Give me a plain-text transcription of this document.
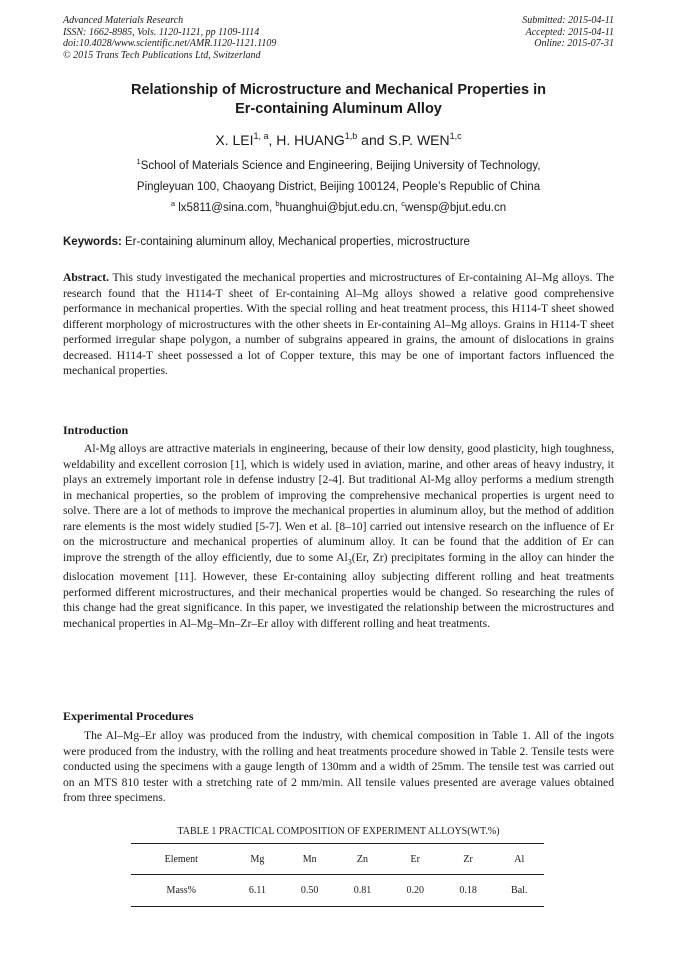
Advanced Materials Research
ISSN: 1662-8985, Vols. 1120-1121, pp 1109-1114
doi:10.4028/www.scientific.net/AMR.1120-1121.1109
© 2015 Trans Tech Publications Ltd, Switzerland
Submitted: 2015-04-11
Accepted: 2015-04-11
Online: 2015-07-31
Relationship of Microstructure and Mechanical Properties in
Er-containing Aluminum Alloy
X. LEI$^{1, a}$, H. HUANG$^{1,b}$ and S.P. WEN$^{1,c}$
$^1$School of Materials Science and Engineering, Beijing University of Technology,
Pingleyuan 100, Chaoyang District, Beijing 100124, People’s Republic of China
$^a$ lx5811@sina.com, $^b$huanghui@bjut.edu.cn, $^c$wensp@bjut.edu.cn
Keywords: Er-containing aluminum alloy, Mechanical properties, microstructure
Abstract. This study investigated the mechanical properties and microstructures of Er-containing Al–Mg alloys. The research found that the H114-T sheet of Er-containing Al–Mg alloys showed a relative good comprehensive performance in mechanical properties. With the special rolling and heat treatment process, this H114-T sheet showed different morphology of microstructures with the other sheets in Er-containing Al–Mg alloys. Grains in H114-T sheet performed irregular shape polygon, a number of subgrains appeared in grains, the amount of dislocations in grains decreased. H114-T sheet possessed a lot of Copper texture, this may be one of important factors influenced the mechanical properties.
Introduction
Al-Mg alloys are attractive materials in engineering, because of their low density, good plasticity, high toughness, weldability and excellent corrosion [1], which is widely used in aviation, marine, and other areas of heavy industry, it plays an extremely important role in defense industry [2-4]. But traditional Al-Mg alloy performs a medium strength in mechanical properties, so the problem of improving the comprehensive mechanical properties is urgent need to solve. There are a lot of methods to improve the mechanical properties in aluminum alloy, but the method of addition rare elements is the most widely studied [5-7]. Wen et al. [8–10] carried out intensive research on the influence of Er on the microstructure and mechanical properties of aluminum alloy. It can be found that the addition of Er can improve the strength of the alloy efficiently, due to some $Al_3(Er$, Zr) precipitates forming in the alloy can hinder the dislocation movement [11]. However, these Er-containing alloy subjecting different rolling and heat treatments performed different microstructures, and their mechanical properties would be changed. So researching the rules of this change had the great significance. In this paper, we investigated the relationship between the microstructures and mechanical properties in Al–Mg–Mn–Zr–Er alloy with different rolling and heat treatments.
Experimental Procedures
The Al–Mg–Er alloy was produced from the industry, with chemical composition in Table 1. All of the ingots were produced from the industry, with the rolling and heat treatments procedure showed in Table 2. Tensile tests were conducted using the specimens with a gauge length of 130mm and a width of 25mm. The tensile test was carried out on an MTS 810 tester with a stretching rate of 2 mm/min. All tensile values presented are average values obtained from three specimens.
TABLE 1 PRACTICAL COMPOSITION OF EXPERIMENT ALLOYS(WT.%)
Element	Mg	Mn	Zn	Er	Zr	Al
Mass%	6.11	0.50	0.81	0.20	0.18	Bal.
